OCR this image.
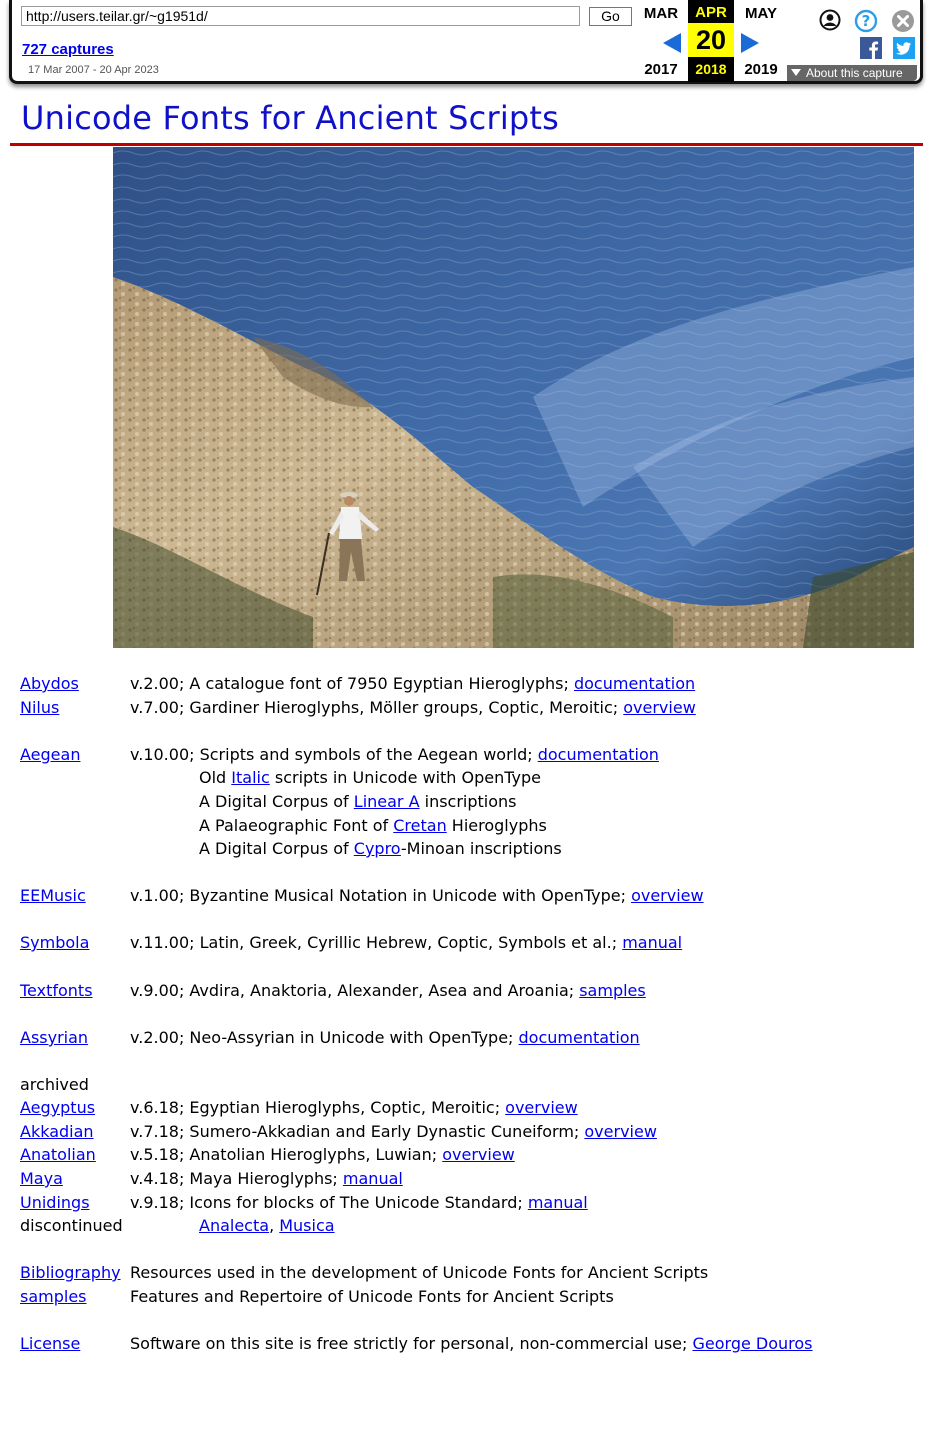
http://users.teilar.gr/~g1951d/
Go
727 captures
17 Mar 2007 - 20 Apr 2023
MAR
2017
APR
20
2018
MAY
2019
?
About this capture
Unicode Fonts for Ancient Scripts
Abydos	v.2.00; A catalogue font of 7950 Egyptian Hieroglyphs; documentation
Nilus	v.7.00; Gardiner Hieroglyphs, Möller groups, Coptic, Meroitic; overview
Aegean	v.10.00; Scripts and symbols of the Aegean world; documentation
Old Italic scripts in Unicode with OpenType
A Digital Corpus of Linear A inscriptions
A Palaeographic Font of Cretan Hieroglyphs
A Digital Corpus of Cypro-Minoan inscriptions
EEMusic	v.1.00; Byzantine Musical Notation in Unicode with OpenType; overview
Symbola	v.11.00; Latin, Greek, Cyrillic Hebrew, Coptic, Symbols et al.; manual
Textfonts v.9.00; Avdira, Anaktoria, Alexander, Asea and Aroania; samples
Assyrian	v.2.00; Neo-Assyrian in Unicode with OpenType; documentation
archived
Aegyptus v.6.18; Egyptian Hieroglyphs, Coptic, Meroitic; overview
Akkadian v.7.18; Sumero-Akkadian and Early Dynastic Cuneiform; overview
Anatolian v.5.18; Anatolian Hieroglyphs, Luwian; overview
Maya	v.4.18; Maya Hieroglyphs; manual
Unidings	v.9.18; Icons for blocks of The Unicode Standard; manual
discontinued	Analecta, Musica
Bibliography Resources used in the development of Unicode Fonts for Ancient Scripts
samples	Features and Repertoire of Unicode Fonts for Ancient Scripts
License	Software on this site is free strictly for personal, non-commercial use; George Douros
